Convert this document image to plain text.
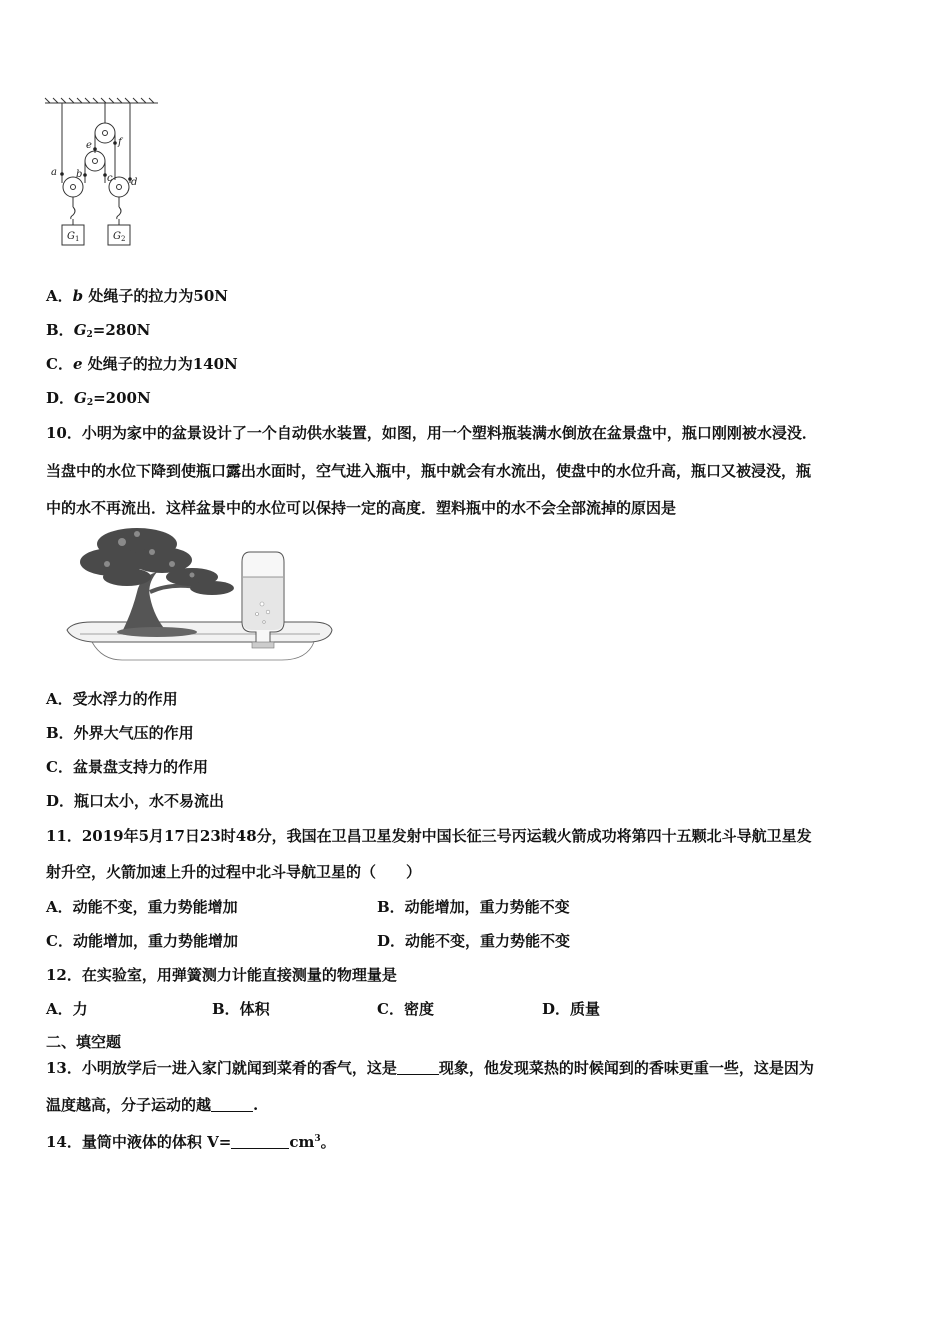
a b c d
e	f
$G_1$	$G_2$
A．b 处绳子的拉力为50N
B．$G_2=280N$
C．e 处绳子的拉力为140N
D．$G_2=200N$
10．小明为家中的盆景设计了一个自动供水装置，如图，用一个塑料瓶装满水倒放在盆景盘中，瓶口刚刚被水浸没．
当盘中的水位下降到使瓶口露出水面时，空气进入瓶中，瓶中就会有水流出，使盘中的水位升高，瓶口又被浸没，瓶
中的水不再流出．这样盆景中的水位可以保持一定的高度．塑料瓶中的水不会全部流掉的原因是
A．受水浮力的作用
B．外界大气压的作用
C．盆景盘支持力的作用
D．瓶口太小，水不易流出
11．2019年5月17日23时48分，我国在卫昌卫星发射中国长征三号丙运载火箭成功将第四十五颗北斗导航卫星发
射升空，火箭加速上升的过程中北斗导航卫星的（　　）
A．动能不变，重力势能增加	B．动能增加，重力势能不变
C．动能增加，重力势能增加	D．动能不变，重力势能不变
12．在实验室，用弹簧测力计能直接测量的物理量是
A．力	B．体积	C．密度	D．质量
二、填空题
13．小明放学后一进入家门就闻到菜肴的香气，这是	现象，他发现菜热的时候闻到的香味更重一些，这是因为
温度越高，分子运动的越	.
14．量筒中液体的体积 V=	$cm^3$。
